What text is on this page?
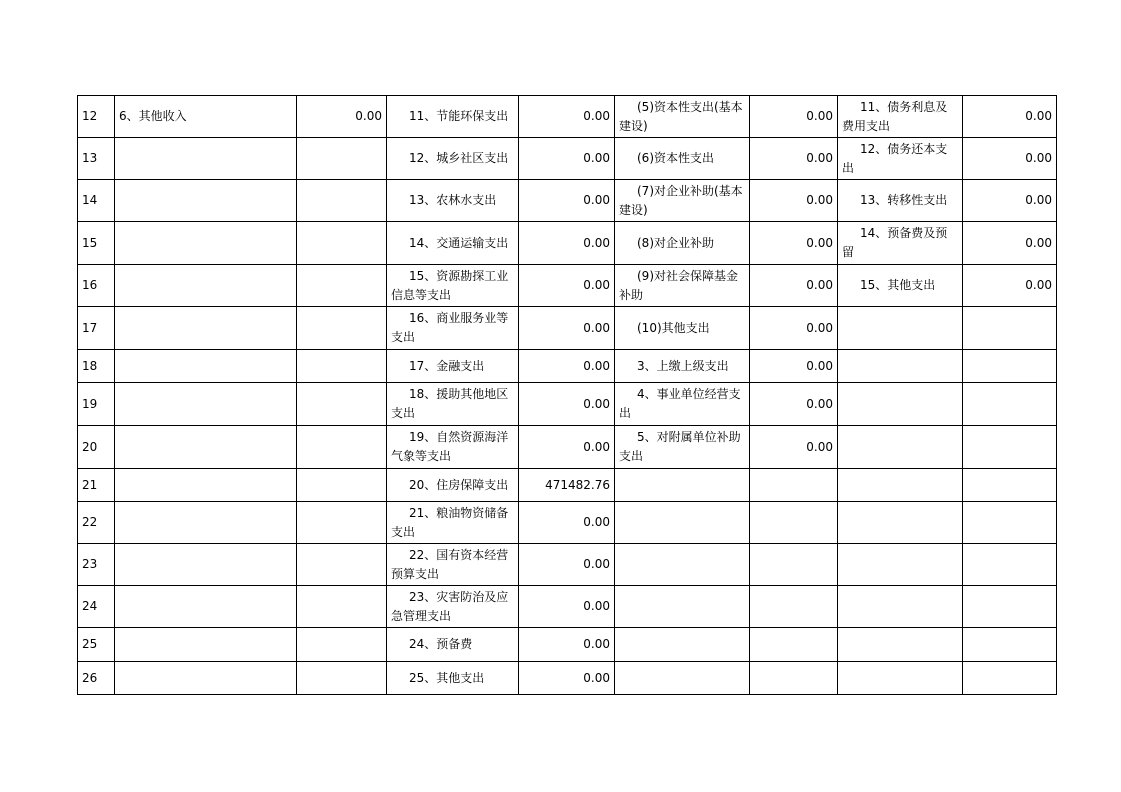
12	6、其他收入	0.00	11、节能环保支出	0.00	(5)资本性支出(基本建设)	0.00	11、债务利息及费用支出	0.00

13			12、城乡社区支出	0.00	(6)资本性支出	0.00	12、债务还本支出	0.00

14			13、农林水支出	0.00	(7)对企业补助(基本建设)	0.00	13、转移性支出	0.00

15			14、交通运输支出	0.00	(8)对企业补助	0.00	14、预备费及预留	0.00

16			15、资源勘探工业信息等支出	0.00	(9)对社会保障基金补助	0.00	15、其他支出	0.00

17			16、商业服务业等支出	0.00	(10)其他支出	0.00		

18			17、金融支出	0.00	3、上缴上级支出	0.00		

19			18、援助其他地区支出	0.00	4、事业单位经营支出	0.00		

20			19、自然资源海洋气象等支出	0.00	5、对附属单位补助支出	0.00		

21			20、住房保障支出	471482.76				

22			21、粮油物资储备支出	0.00				

23			22、国有资本经营预算支出	0.00				

24			23、灾害防治及应急管理支出	0.00				

25			24、预备费	0.00				

26			25、其他支出	0.00				
